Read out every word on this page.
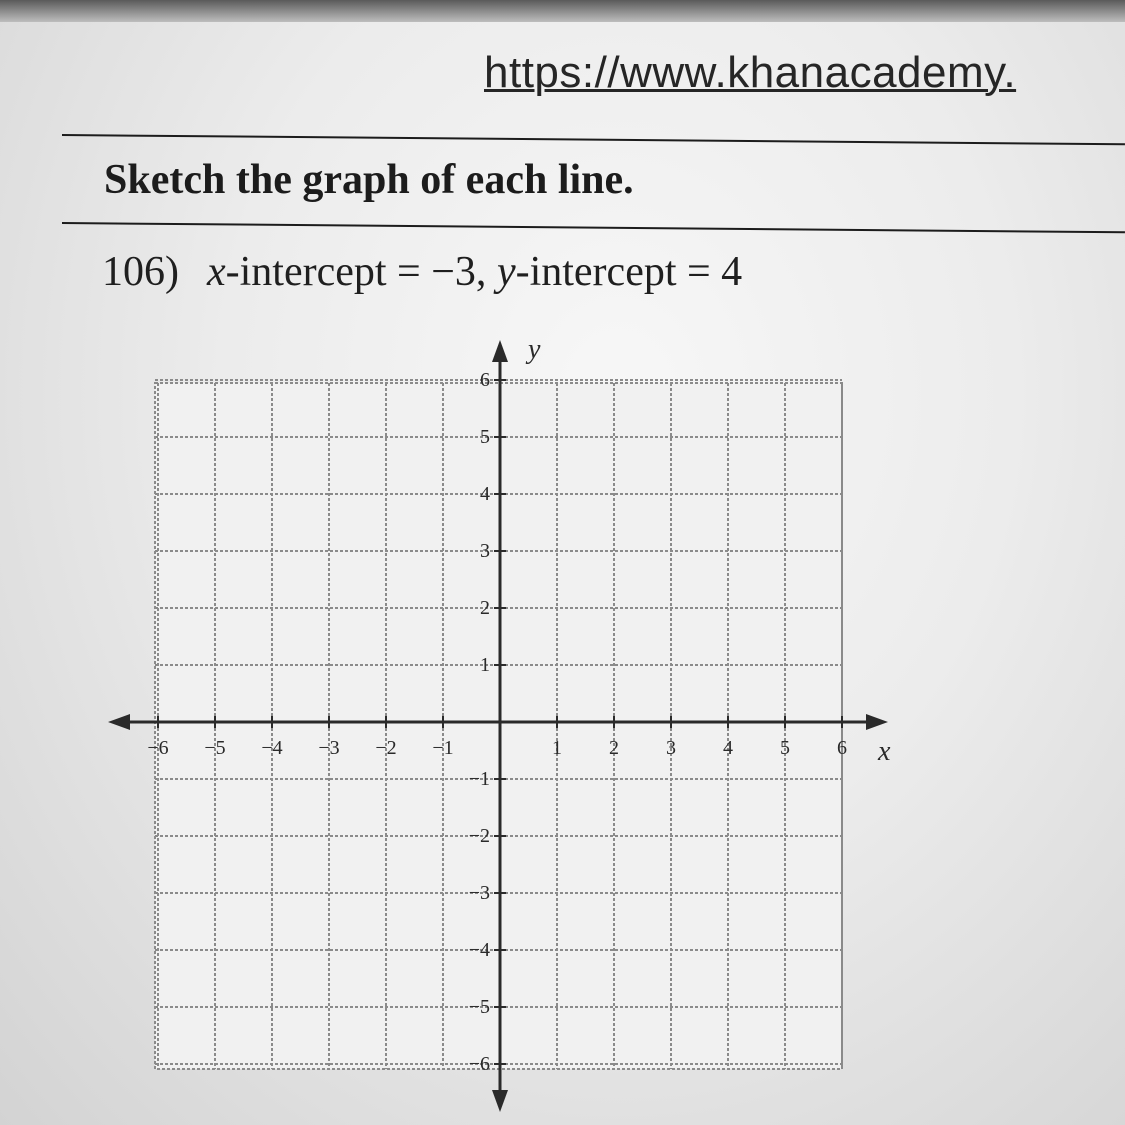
https://www.khanacademy.
Sketch the graph of each line.
106) x-intercept = −3, y-intercept = 4
−6 −5 −4 −3 −2 −1	1 2 3 4 5 6
6
5
4
3
2
1
−1
−2
−3
−4
−5
−6
x
y
